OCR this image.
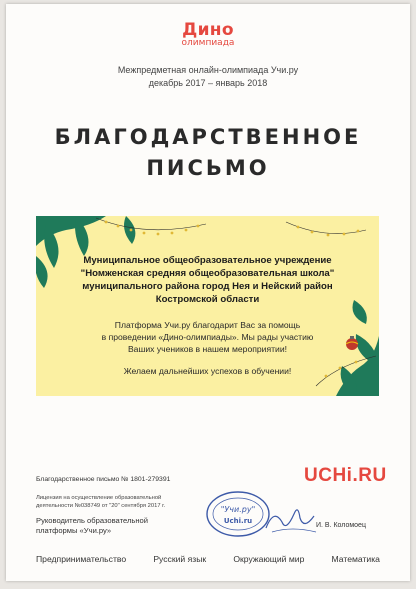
Дино
олимпиада
Межпредметная онлайн-олимпиада Учи.ру
декабрь 2017 – январь 2018
БЛАГОДАРСТВЕННОЕ
ПИСЬМО
Муниципальное общеобразовательное учреждение
"Номженская средняя общеобразовательная школа"
муниципального района город Нея и Нейский район
Костромской области
Платформа Учи.ру благодарит Вас за помощь
в проведении «Дино-олимпиады». Мы рады участию
Ваших учеников в нашем мероприятии!
Желаем дальнейших успехов в обучении!
Благодарственное письмо № 1801-279391
Лицензия на осуществление образовательной
деятельности №038749 от "20" сентября 2017 г.
Руководитель образовательной
платформы «Учи.ру»
UCHi.RU
"Учи.ру"
Uchi.ru
И. В. Коломоец
Предпринимательство	Русский язык	Окружающий мир	Математика
